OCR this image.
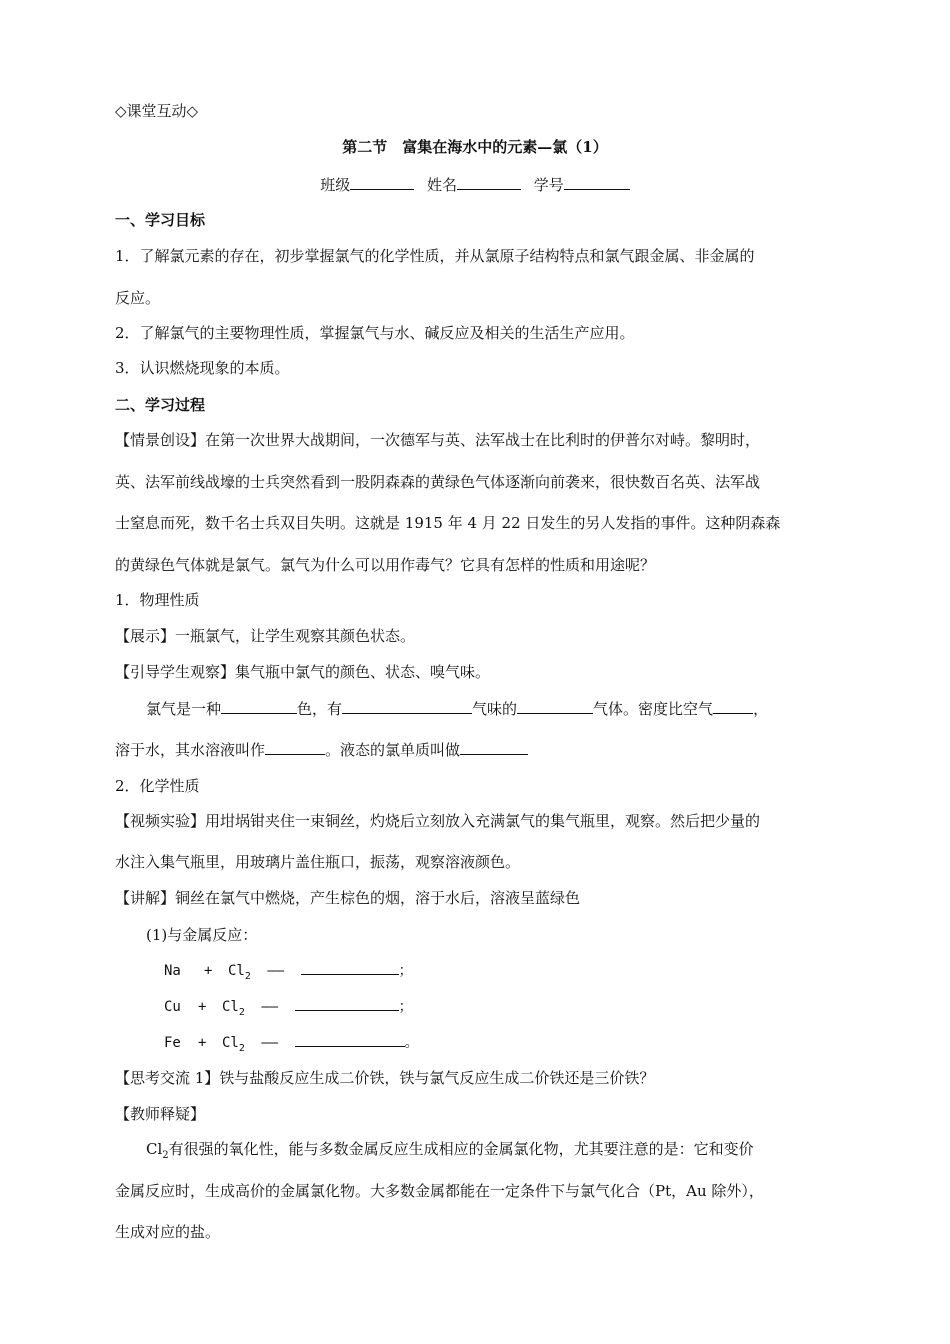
◇课堂互动◇
第二节　富集在海水中的元素—氯（1）
班级	姓名	学号
一、学习目标
1．了解氯元素的存在，初步掌握氯气的化学性质，并从氯原子结构特点和氯气跟金属、非金属的
反应。
2．了解氯气的主要物理性质，掌握氯气与水、碱反应及相关的生活生产应用。
3．认识燃烧现象的本质。
二、学习过程
【情景创设】在第一次世界大战期间，一次德军与英、法军战士在比利时的伊普尔对峙。黎明时，
英、法军前线战壕的士兵突然看到一股阴森森的黄绿色气体逐渐向前袭来，很快数百名英、法军战
士窒息而死，数千名士兵双目失明。这就是 1915 年 4 月 22 日发生的另人发指的事件。这种阴森森
的黄绿色气体就是氯气。氯气为什么可以用作毒气？它具有怎样的性质和用途呢？
1．物理性质
【展示】一瓶氯气，让学生观察其颜色状态。
【引导学生观察】集气瓶中氯气的颜色、状态、嗅气味。
氯气是一种	色，有	气味的	气体。密度比空气	，
溶于水，其水溶液叫作	。液态的氯单质叫做
2．化学性质
【视频实验】用坩埚钳夹住一束铜丝，灼烧后立刻放入充满氯气的集气瓶里，观察。然后把少量的
水注入集气瓶里，用玻璃片盖住瓶口，振荡，观察溶液颜色。
【讲解】铜丝在氯气中燃烧，产生棕色的烟，溶于水后，溶液呈蓝绿色
(1)与金属反应：
$Na + Cl_2$ ——	；
$Cu + Cl_2$ ——	；
$Fe + Cl_2$ ——	。
【思考交流 1】铁与盐酸反应生成二价铁，铁与氯气反应生成二价铁还是三价铁？
【教师释疑】
$Cl_2$有很强的氧化性，能与多数金属反应生成相应的金属氯化物，尤其要注意的是：它和变价
金属反应时，生成高价的金属氯化物。大多数金属都能在一定条件下与氯气化合（Pt，Au 除外），
生成对应的盐。
